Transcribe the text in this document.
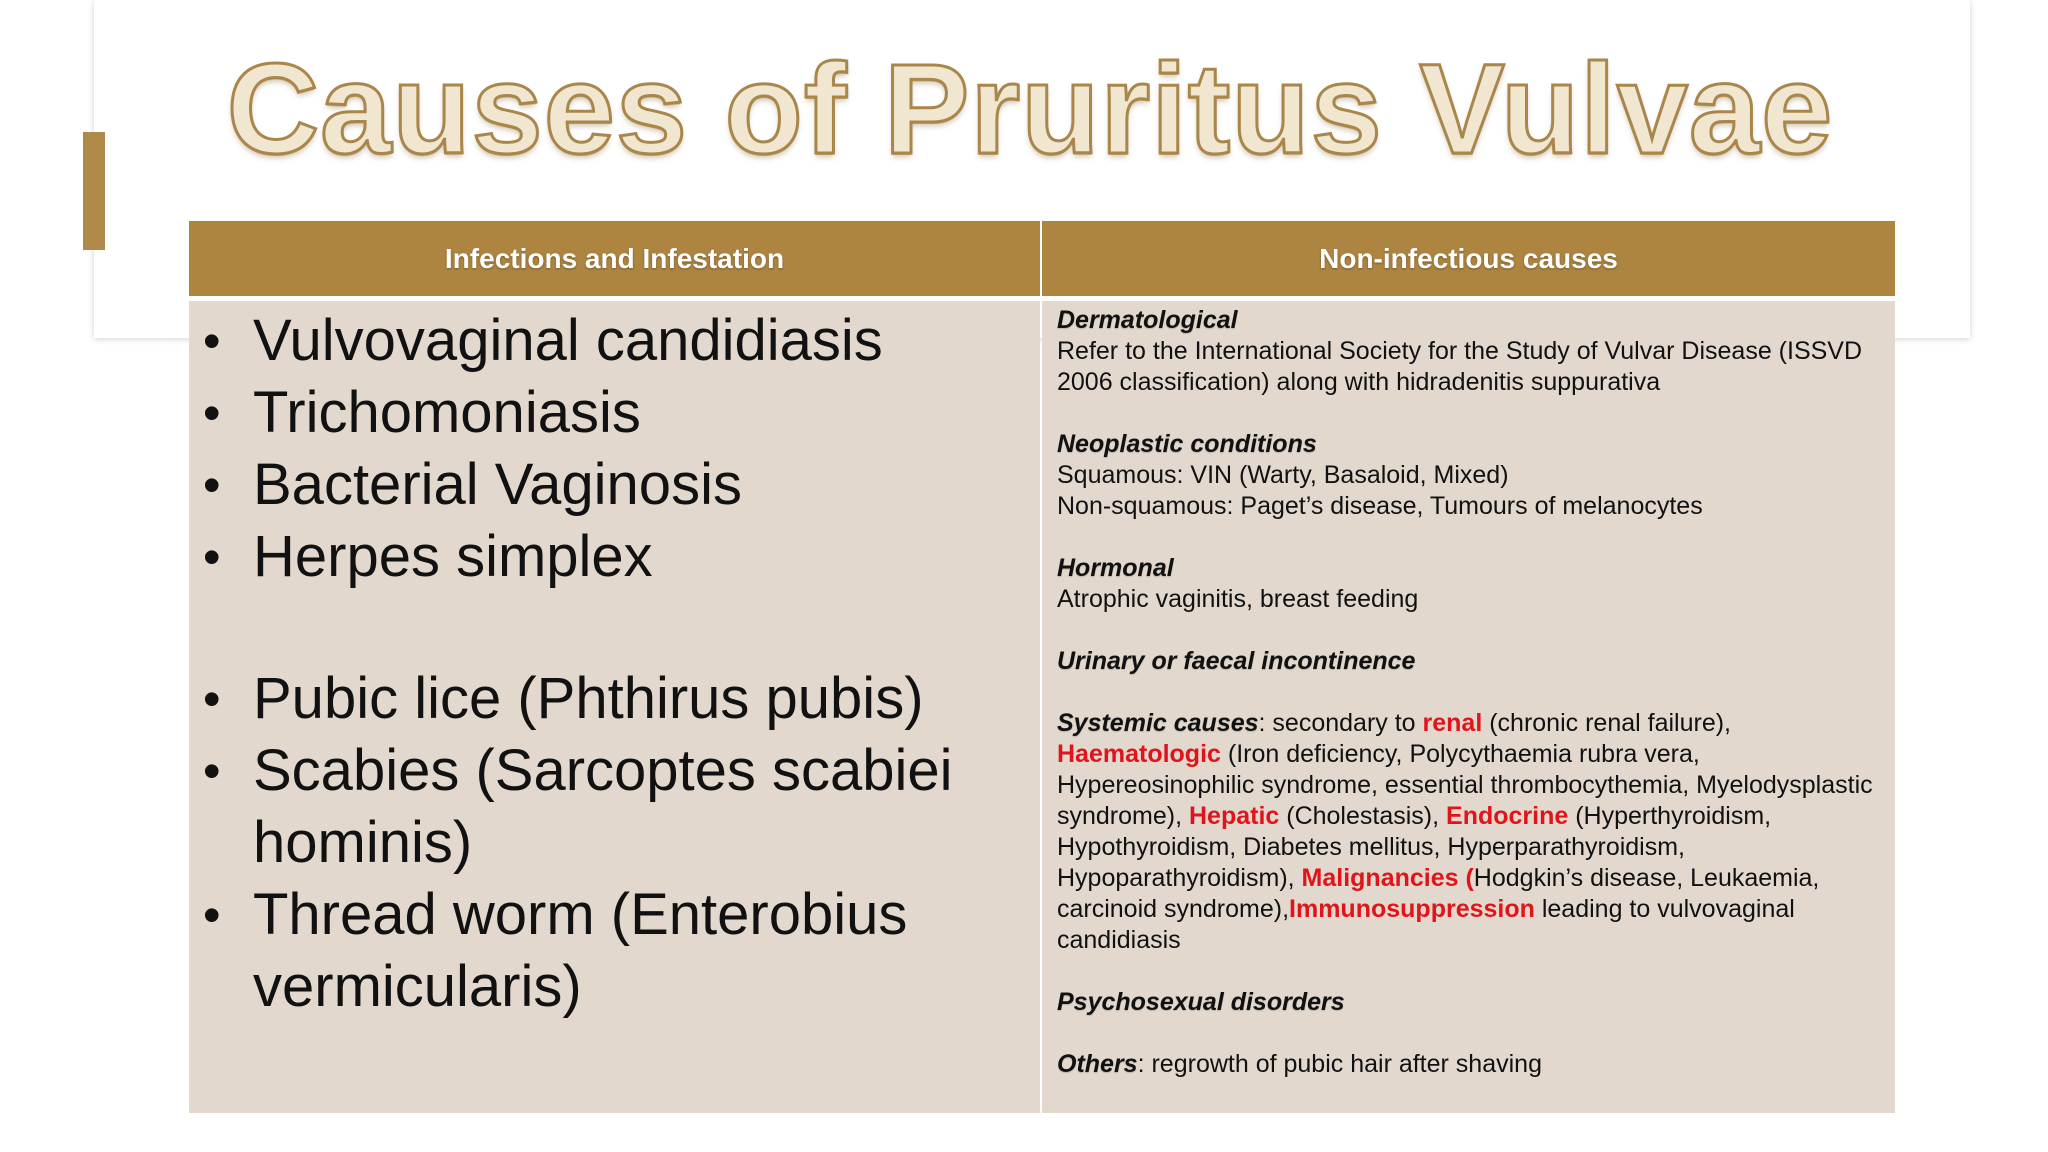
Causes of Pruritus Vulvae
Infections and Infestation	Non-infectious causes
• Vulvovaginal candidiasis
• Trichomoniasis
• Bacterial Vaginosis
• Herpes simplex
• Pubic lice (Phthirus pubis)
• Scabies (Sarcoptes scabiei hominis)
• Thread worm (Enterobius vermicularis)
Dermatological
Refer to the International Society for the Study of Vulvar Disease (ISSVD 2006 classification) along with hidradenitis suppurativa
Neoplastic conditions
Squamous: VIN (Warty, Basaloid, Mixed)
Non-squamous: Paget’s disease, Tumours of melanocytes
Hormonal
Atrophic vaginitis, breast feeding
Urinary or faecal incontinence
Systemic causes: secondary to renal (chronic renal failure), Haematologic (Iron deficiency, Polycythaemia rubra vera, Hypereosinophilic syndrome, essential thrombocythemia, Myelodysplastic syndrome), Hepatic (Cholestasis), Endocrine (Hyperthyroidism, Hypothyroidism, Diabetes mellitus, Hyperparathyroidism, Hypoparathyroidism), Malignancies (Hodgkin’s disease, Leukaemia, carcinoid syndrome),Immunosuppression leading to vulvovaginal candidiasis
Psychosexual disorders
Others: regrowth of pubic hair after shaving
